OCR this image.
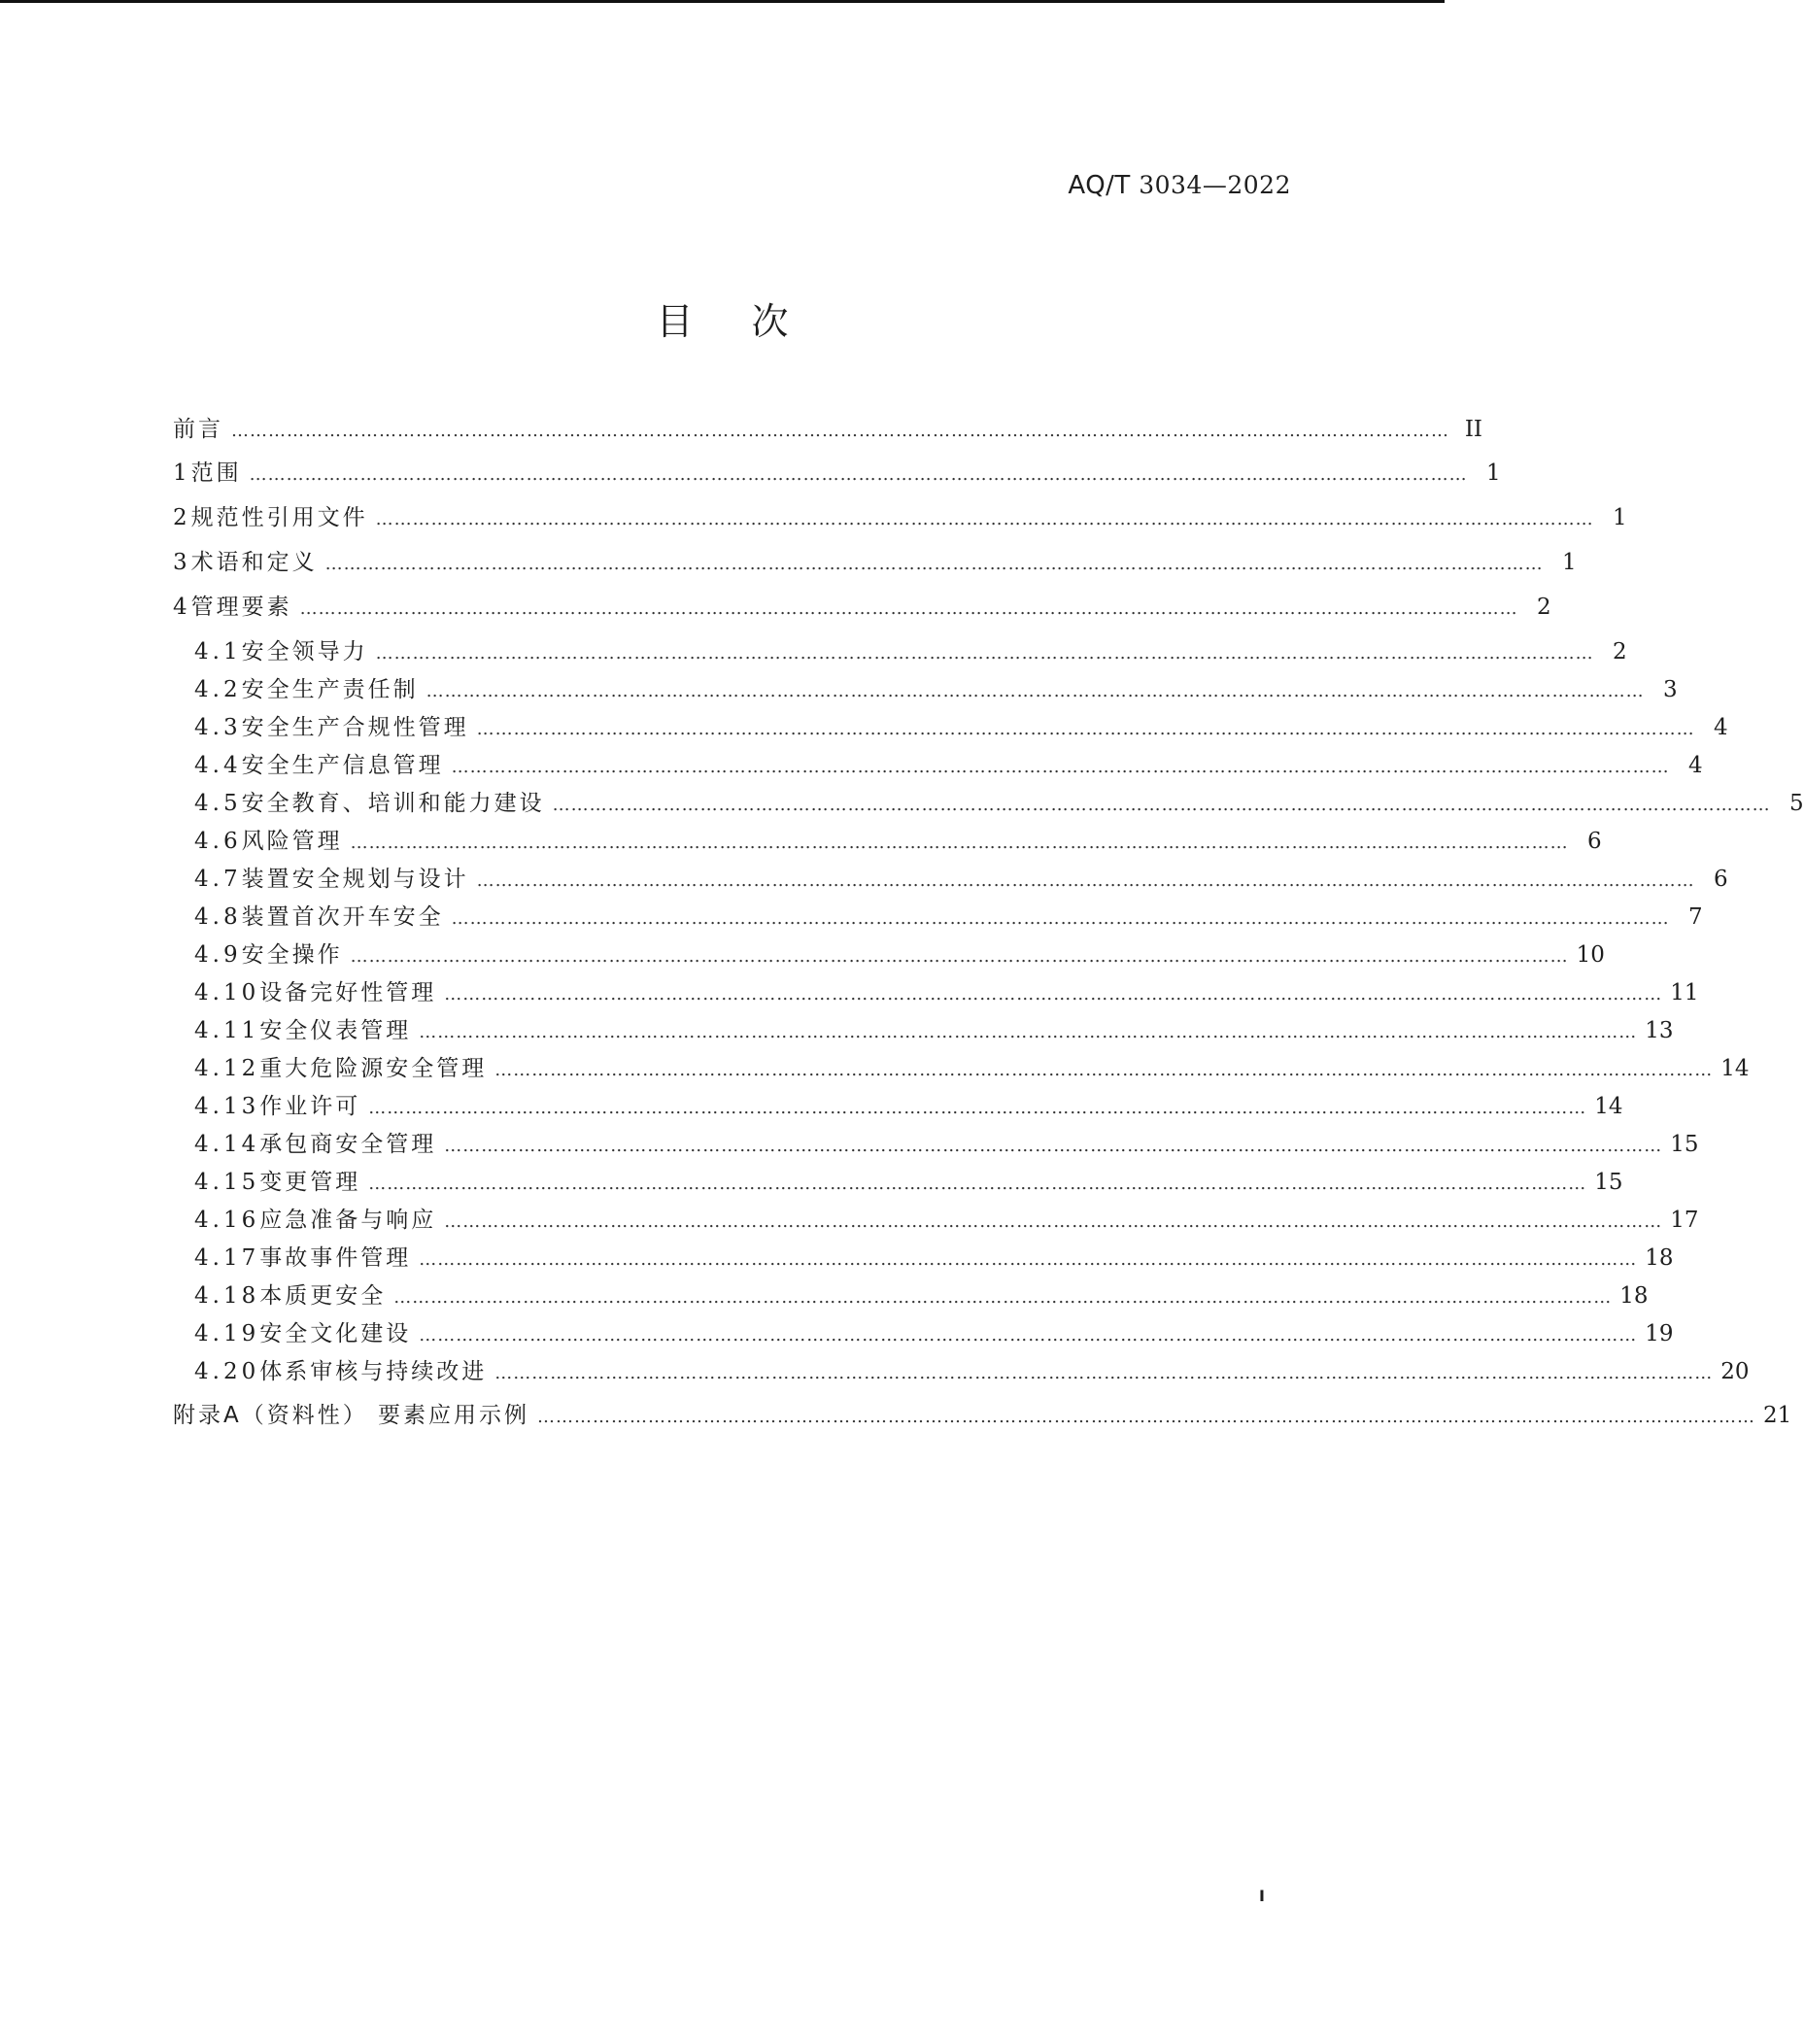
AQ/T 3034—2022
目次
前言 ……………………………………………………………………………………………………………………………………………………………………………… II
1 范围 ……………………………………………………………………………………………………………………………………………………………………………… 1
2 规范性引用文件 ……………………………………………………………………………………………………………………………………………………………………………… 1
3 术语和定义 ……………………………………………………………………………………………………………………………………………………………………………… 1
4 管理要素 ……………………………………………………………………………………………………………………………………………………………………………… 2
4.1 安全领导力 ……………………………………………………………………………………………………………………………………………………………………………… 2
4.2 安全生产责任制 ……………………………………………………………………………………………………………………………………………………………………………… 3
4.3 安全生产合规性管理 ……………………………………………………………………………………………………………………………………………………………………………… 4
4.4 安全生产信息管理 ……………………………………………………………………………………………………………………………………………………………………………… 4
4.5 安全教育、培训和能力建设 ……………………………………………………………………………………………………………………………………………………………………………… 5
4.6 风险管理 ……………………………………………………………………………………………………………………………………………………………………………… 6
4.7 装置安全规划与设计 ……………………………………………………………………………………………………………………………………………………………………………… 6
4.8 装置首次开车安全 ……………………………………………………………………………………………………………………………………………………………………………… 7
4.9 安全操作 ……………………………………………………………………………………………………………………………………………………………………………… 10
4.10 设备完好性管理 ……………………………………………………………………………………………………………………………………………………………………………… 11
4.11 安全仪表管理 ……………………………………………………………………………………………………………………………………………………………………………… 13
4.12 重大危险源安全管理 ……………………………………………………………………………………………………………………………………………………………………………… 14
4.13 作业许可 ……………………………………………………………………………………………………………………………………………………………………………… 14
4.14 承包商安全管理 ……………………………………………………………………………………………………………………………………………………………………………… 15
4.15 变更管理 ……………………………………………………………………………………………………………………………………………………………………………… 15
4.16 应急准备与响应 ……………………………………………………………………………………………………………………………………………………………………………… 17
4.17 事故事件管理 ……………………………………………………………………………………………………………………………………………………………………………… 18
4.18 本质更安全 ……………………………………………………………………………………………………………………………………………………………………………… 18
4.19 安全文化建设 ……………………………………………………………………………………………………………………………………………………………………………… 19
4.20 体系审核与持续改进 ……………………………………………………………………………………………………………………………………………………………………………… 20
附录A（资料性） 要素应用示例 ……………………………………………………………………………………………………………………………………………………………………………… 21
I
